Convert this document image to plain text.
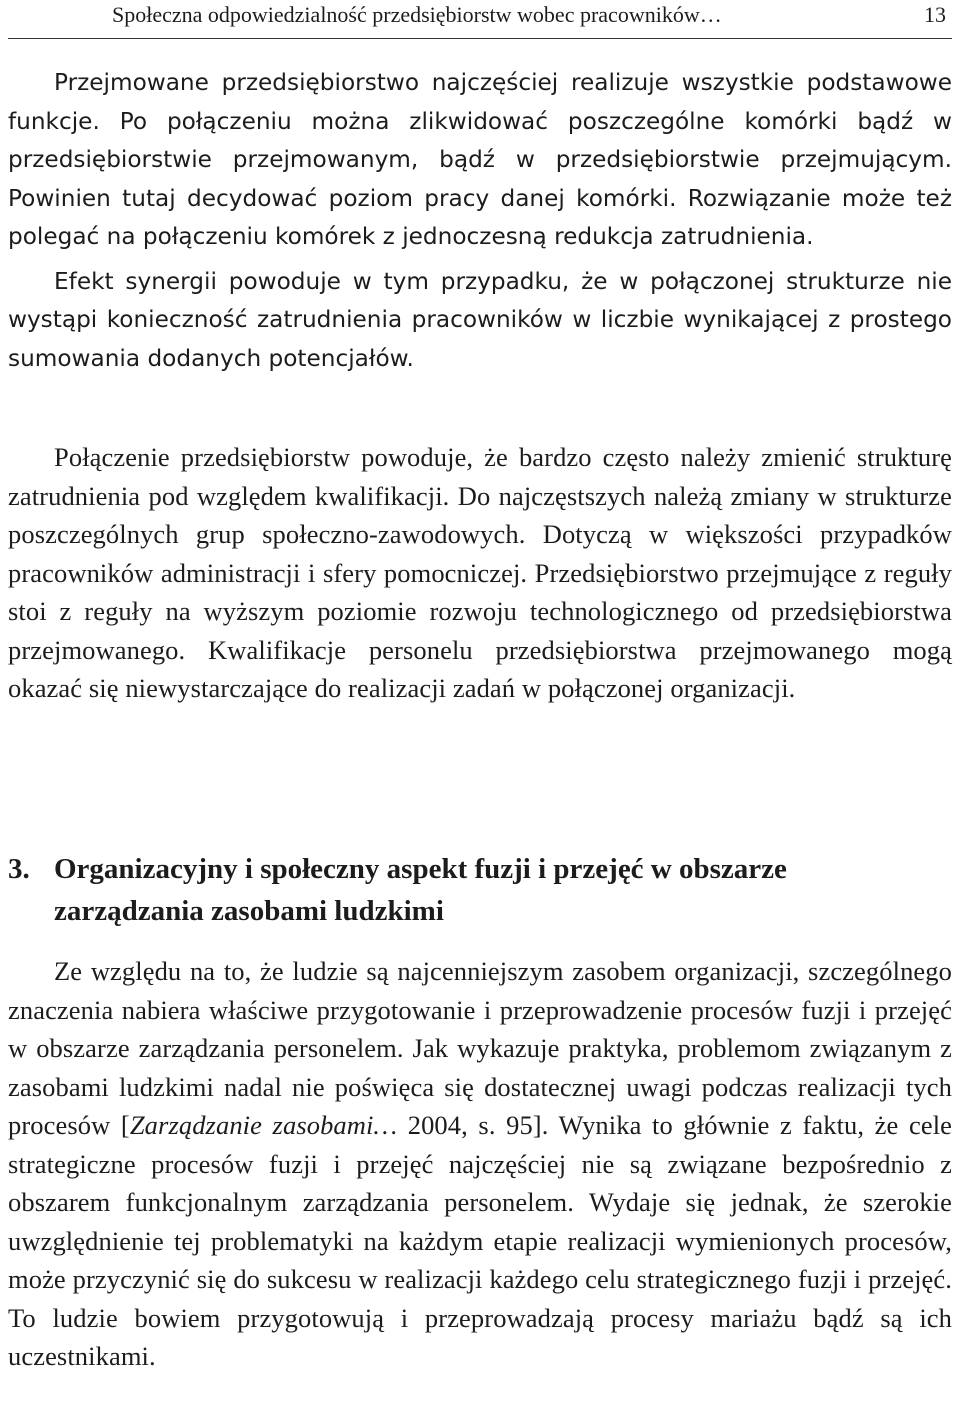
Społeczna odpowiedzialność przedsiębiorstw wobec pracowników…	13

Przejmowane przedsiębiorstwo najczęściej realizuje wszystkie podstawowe funkcje. Po połączeniu można zlikwidować poszczególne komórki bądź w przedsiębiorstwie przejmowanym, bądź w przedsiębiorstwie przejmującym. Powinien tutaj decydować poziom pracy danej komórki. Rozwiązanie może też polegać na połączeniu komórek z jednoczesną redukcja zatrudnienia.

Efekt synergii powoduje w tym przypadku, że w połączonej strukturze nie wystąpi konieczność zatrudnienia pracowników w liczbie wynikającej z prostego sumowania dodanych potencjałów.

Połączenie przedsiębiorstw powoduje, że bardzo często należy zmienić strukturę zatrudnienia pod względem kwalifikacji. Do najczęstszych należą zmiany w strukturze poszczególnych grup społeczno-zawodowych. Dotyczą w większości przypadków pracowników administracji i sfery pomocniczej. Przedsiębiorstwo przejmujące z reguły stoi z reguły na wyższym poziomie rozwoju technologicznego od przedsiębiorstwa przejmowanego. Kwalifikacje personelu przedsiębiorstwa przejmowanego mogą okazać się niewystarczające do realizacji zadań w połączonej organizacji.

3. Organizacyjny i społeczny aspekt fuzji i przejęć w obszarze
zarządzania zasobami ludzkimi

Ze względu na to, że ludzie są najcenniejszym zasobem organizacji, szczególnego znaczenia nabiera właściwe przygotowanie i przeprowadzenie procesów fuzji i przejęć w obszarze zarządzania personelem. Jak wykazuje praktyka, problemom związanym z zasobami ludzkimi nadal nie poświęca się dostatecznej uwagi podczas realizacji tych procesów [Zarządzanie zasobami… 2004, s. 95]. Wynika to głównie z faktu, że cele strategiczne procesów fuzji i przejęć najczęściej nie są związane bezpośrednio z obszarem funkcjonalnym zarządzania personelem. Wydaje się jednak, że szerokie uwzględnienie tej problematyki na każdym etapie realizacji wymienionych procesów, może przyczynić się do sukcesu w realizacji każdego celu strategicznego fuzji i przejęć. To ludzie bowiem przygotowują i przeprowadzają procesy mariażu bądź są ich uczestnikami.
